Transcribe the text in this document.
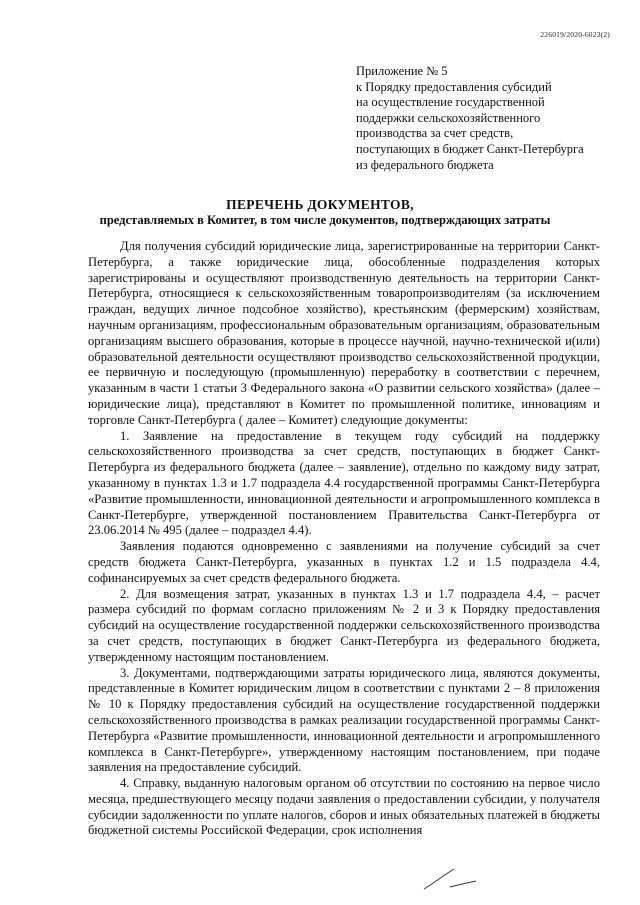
226019/2020-6023(2)
Приложение № 5
к Порядку предоставления субсидий
на осуществление государственной
поддержки сельскохозяйственного
производства за счет средств,
поступающих в бюджет Санкт-Петербурга
из федерального бюджета
ПЕРЕЧЕНЬ ДОКУМЕНТОВ,
представляемых в Комитет, в том числе документов, подтверждающих затраты

Для получения субсидий юридические лица, зарегистрированные на территории Санкт-Петербурга, а также юридические лица, обособленные подразделения которых зарегистрированы и осуществляют производственную деятельность на территории Санкт-Петербурга, относящиеся к сельскохозяйственным товаропроизводителям (за исключением граждан, ведущих личное подсобное хозяйство), крестьянским (фермерским) хозяйствам, научным организациям, профессиональным образовательным организациям, образовательным организациям высшего образования, которые в процессе научной, научно-технической и(или) образовательной деятельности осуществляют производство сельскохозяйственной продукции, ее первичную и последующую (промышленную) переработку в соответствии с перечнем, указанным в части 1 статьи 3 Федерального закона «О развитии сельского хозяйства» (далее – юридические лица), представляют в Комитет по промышленной политике, инновациям и торговле Санкт-Петербурга ( далее – Комитет) следующие документы:

1. Заявление на предоставление в текущем году субсидий на поддержку сельскохозяйственного производства за счет средств, поступающих в бюджет Санкт-Петербурга из федерального бюджета (далее – заявление), отдельно по каждому виду затрат, указанному в пунктах 1.3 и 1.7 подраздела 4.4 государственной программы Санкт-Петербурга «Развитие промышленности, инновационной деятельности и агропромышленного комплекса в Санкт-Петербурге, утвержденной постановлением Правительства Санкт-Петербурга от 23.06.2014 № 495 (далее – подраздел 4.4).

Заявления подаются одновременно с заявлениями на получение субсидий за счет средств бюджета Санкт-Петербурга, указанных в пунктах 1.2 и 1.5 подраздела 4.4, софинансируемых за счет средств федерального бюджета.

2. Для возмещения затрат, указанных в пунктах 1.3 и 1.7 подраздела 4.4, – расчет размера субсидий по формам согласно приложениям № 2 и 3 к Порядку предоставления субсидий на осуществление государственной поддержки сельскохозяйственного производства за счет средств, поступающих в бюджет Санкт-Петербурга из федерального бюджета, утвержденному настоящим постановлением.

3. Документами, подтверждающими затраты юридического лица, являются документы, представленные в Комитет юридическим лицом в соответствии с пунктами 2 – 8 приложения № 10 к Порядку предоставления субсидий на осуществление государственной поддержки сельскохозяйственного производства в рамках реализации государственной программы Санкт-Петербурга «Развитие промышленности, инновационной деятельности и агропромышленного комплекса в Санкт-Петербурге», утвержденному настоящим постановлением, при подаче заявления на предоставление субсидий.

4. Справку, выданную налоговым органом об отсутствии по состоянию на первое число месяца, предшествующего месяцу подачи заявления о предоставлении субсидии, у получателя субсидии задолженности по уплате налогов, сборов и иных обязательных платежей в бюджеты бюджетной системы Российской Федерации, срок исполнения
